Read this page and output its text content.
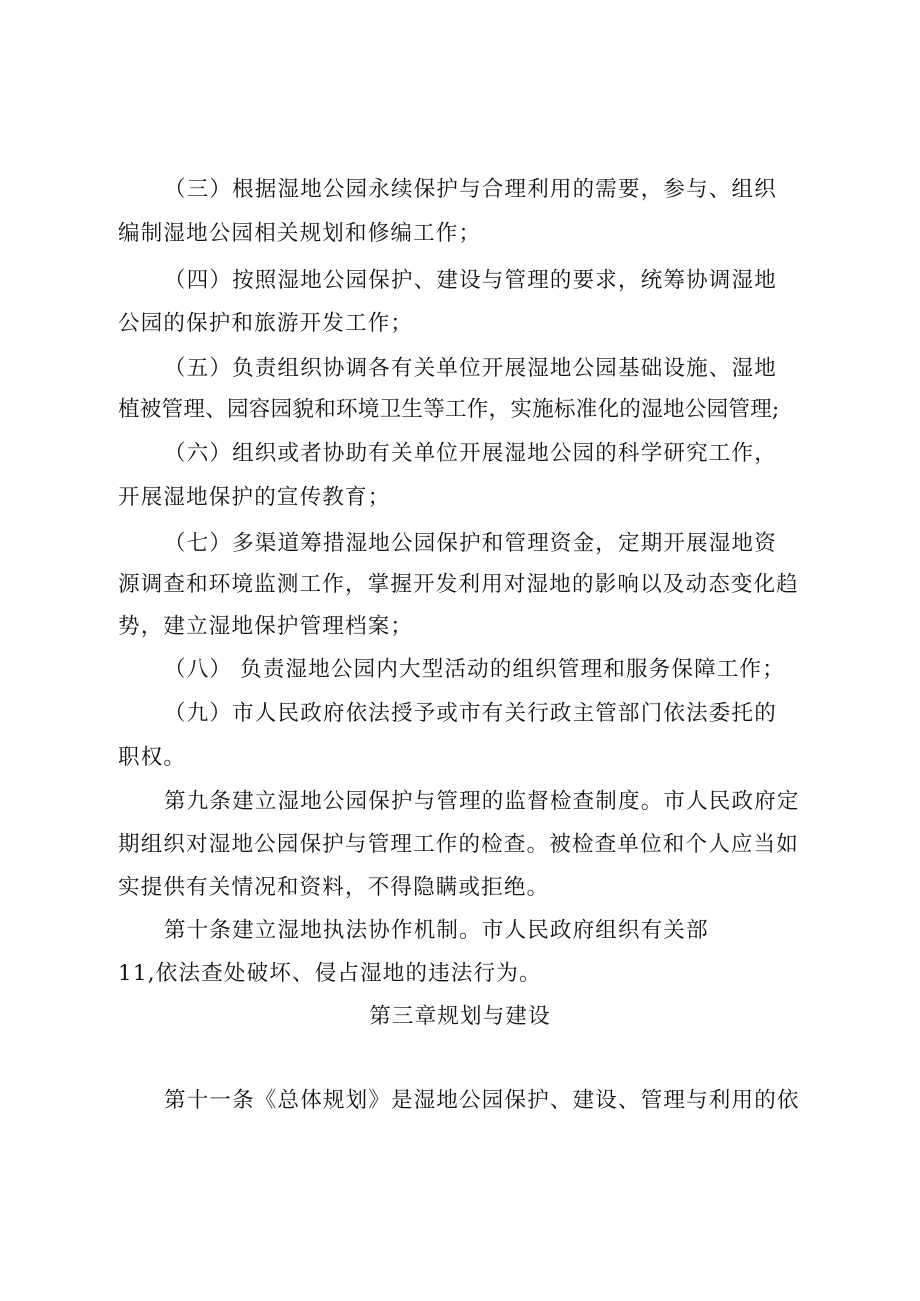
（三）根据湿地公园永续保护与合理利用的需要，参与、组织
编制湿地公园相关规划和修编工作；
（四）按照湿地公园保护、建设与管理的要求，统筹协调湿地
公园的保护和旅游开发工作；
（五）负责组织协调各有关单位开展湿地公园基础设施、湿地
植被管理、园容园貌和环境卫生等工作，实施标准化的湿地公园管理;
（六）组织或者协助有关单位开展湿地公园的科学研究工作，
开展湿地保护的宣传教育；
（七）多渠道筹措湿地公园保护和管理资金，定期开展湿地资
源调查和环境监测工作，掌握开发利用对湿地的影响以及动态变化趋
势，建立湿地保护管理档案；
（八） 负责湿地公园内大型活动的组织管理和服务保障工作；
（九）市人民政府依法授予或市有关行政主管部门依法委托的
职权。
第九条建立湿地公园保护与管理的监督检查制度。市人民政府定
期组织对湿地公园保护与管理工作的检查。被检查单位和个人应当如
实提供有关情况和资料，不得隐瞒或拒绝。
第十条建立湿地执法协作机制。市人民政府组织有关部
11,依法查处破坏、侵占湿地的违法行为。
第三章规划与建设
第十一条《总体规划》是湿地公园保护、建设、管理与利用的依
